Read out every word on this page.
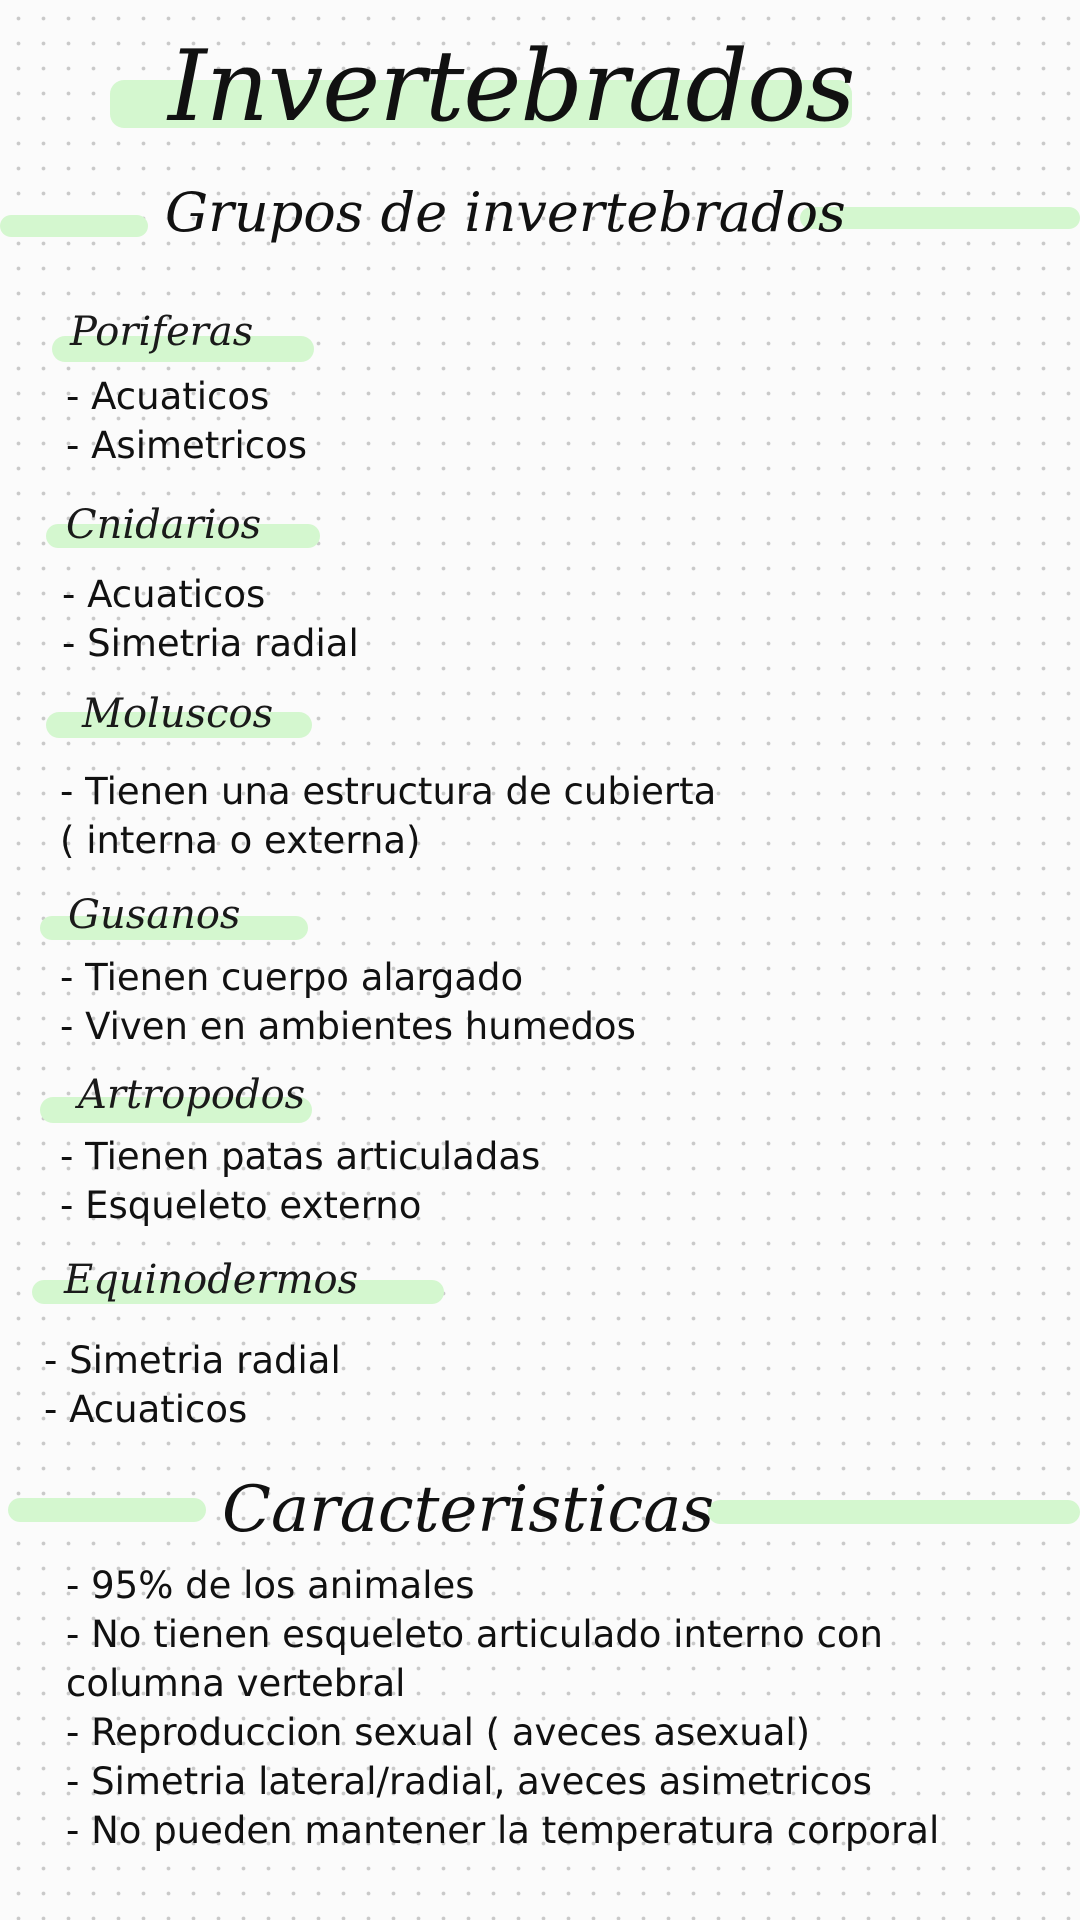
Invertebrados
Grupos de invertebrados
Poriferas
- Acuaticos
- Asimetricos
Cnidarios
- Acuaticos
- Simetria radial
Moluscos
- Tienen una estructura de cubierta
( interna o externa)
Gusanos
- Tienen cuerpo alargado
- Viven en ambientes humedos
Artropodos
- Tienen patas articuladas
- Esqueleto externo
Equinodermos
- Simetria radial
- Acuaticos
Caracteristicas
- 95% de los animales
- No tienen esqueleto articulado interno con columna vertebral
- Reproduccion sexual ( aveces asexual)
- Simetria lateral/radial, aveces asimetricos
- No pueden mantener la temperatura corporal
